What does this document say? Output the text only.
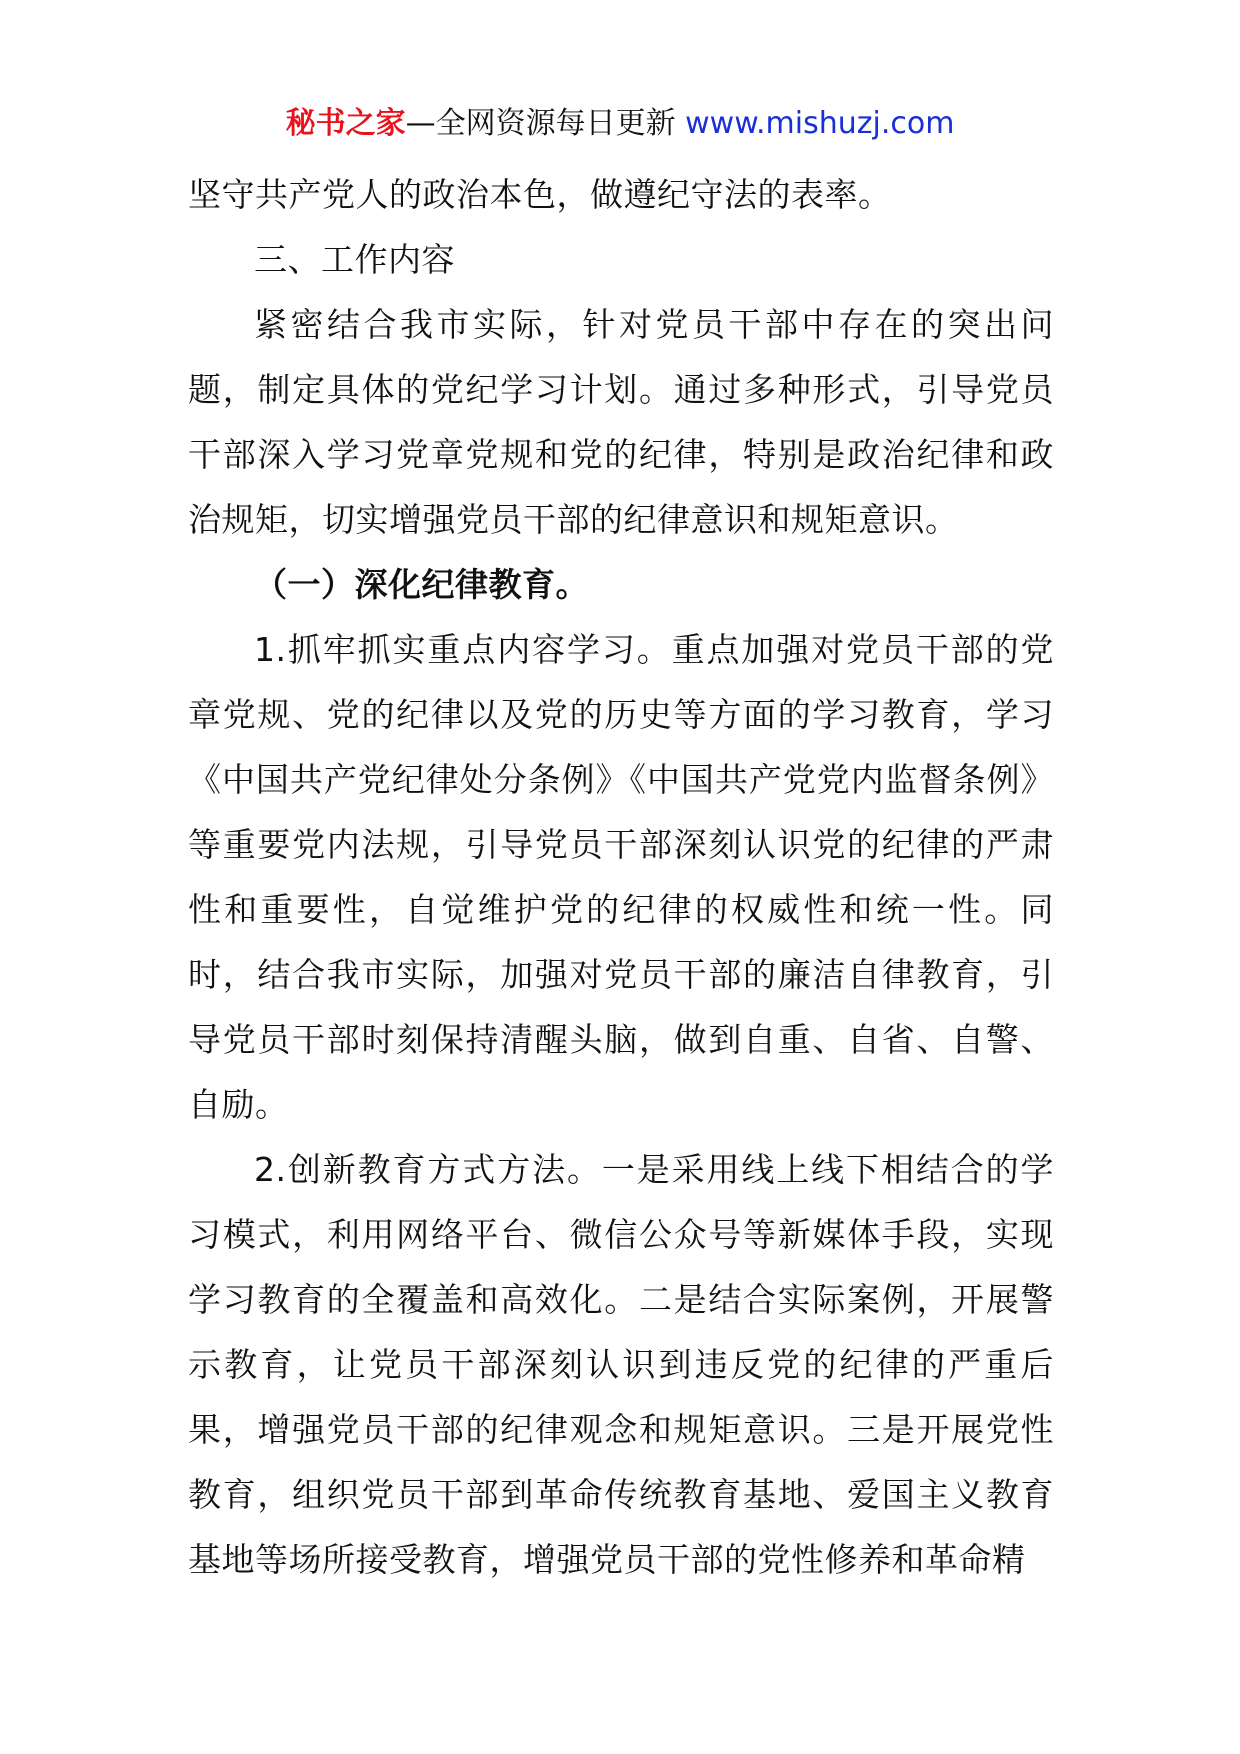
秘书之家—全网资源每日更新 www.mishuzj.com

坚守共产党人的政治本色，做遵纪守法的表率。

三、工作内容

紧密结合我市实际，针对党员干部中存在的突出问题，制定具体的党纪学习计划。通过多种形式，引导党员干部深入学习党章党规和党的纪律，特别是政治纪律和政治规矩，切实增强党员干部的纪律意识和规矩意识。

（一）深化纪律教育。

1.抓牢抓实重点内容学习。重点加强对党员干部的党章党规、党的纪律以及党的历史等方面的学习教育，学习《中国共产党纪律处分条例》《中国共产党党内监督条例》等重要党内法规，引导党员干部深刻认识党的纪律的严肃性和重要性，自觉维护党的纪律的权威性和统一性。同时，结合我市实际，加强对党员干部的廉洁自律教育，引导党员干部时刻保持清醒头脑，做到自重、自省、自警、自励。

2.创新教育方式方法。一是采用线上线下相结合的学习模式，利用网络平台、微信公众号等新媒体手段，实现学习教育的全覆盖和高效化。二是结合实际案例，开展警示教育，让党员干部深刻认识到违反党的纪律的严重后果，增强党员干部的纪律观念和规矩意识。三是开展党性教育，组织党员干部到革命传统教育基地、爱国主义教育基地等场所接受教育，增强党员干部的党性修养和革命精
